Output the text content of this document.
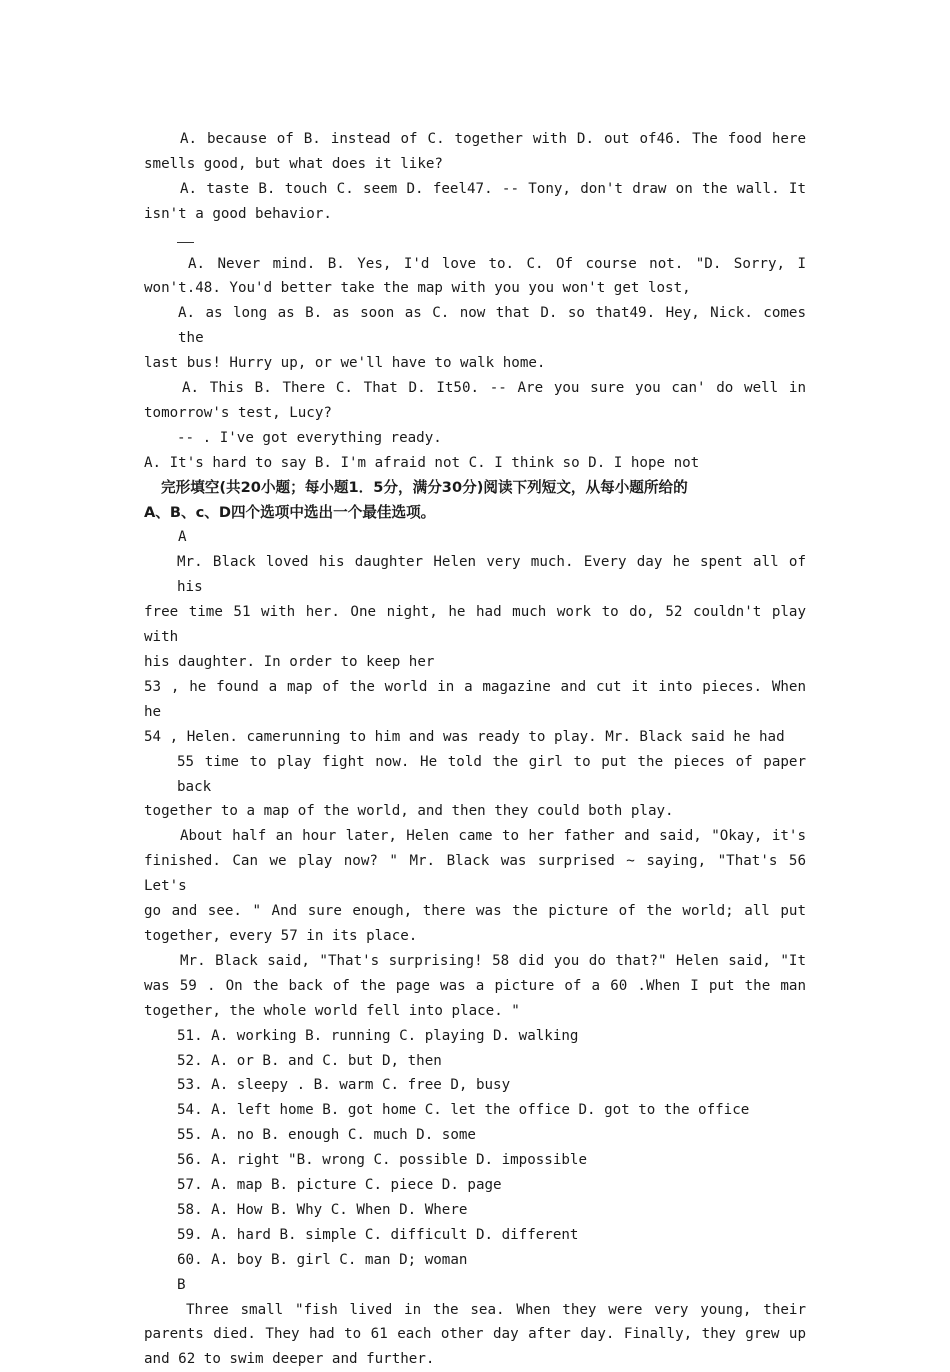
A. because of B. instead of C. together with D. out of46. The food here
smells good, but what does it like?
A. taste B. touch C. seem D. feel47. -- Tony, don't draw on the wall. It
isn't a good behavior.
A. Never mind. B. Yes, I'd love to. C. Of course not. "D. Sorry, I
won't.48. You'd better take the map with you you won't get lost,
A. as long as B. as soon as C. now that D. so that49. Hey, Nick. comes the
last bus! Hurry up, or we'll have to walk home.
A. This B. There C. That D. It50. -- Are you sure you can' do well in
tomorrow's test, Lucy?
-- . I've got everything ready.
A. It's hard to say B. I'm afraid not C. I think so D. I hope not
完形填空(共20小题；每小题1．5分，满分30分)阅读下列短文，从每小题所给的
A、B、c、D四个选项中选出一个最佳选项。
A
Mr. Black loved his daughter Helen very much. Every day he spent all of his
free time 51 with her. One night, he had much work to do, 52 couldn't play with
his daughter. In order to keep her
53 , he found a map of the world in a magazine and cut it into pieces. When he
54 , Helen. camerunning to him and was ready to play. Mr. Black said he had
55 time to play fight now. He told the girl to put the pieces of paper back
together to a map of the world, and then they could both play.
About half an hour later, Helen came to her father and said, "Okay, it's
finished. Can we play now? " Mr. Black was surprised ~ saying, "That's 56 Let's
go and see. " And sure enough, there was the picture of the world; all put
together, every 57 in its place.
Mr. Black said, "That's surprising! 58 did you do that?" Helen said, "It
was 59 . On the back of the page was a picture of a 60 .When I put the man
together, the whole world fell into place. "
51. A. working B. running C. playing D. walking
52. A. or B. and C. but D, then
53. A. sleepy . B. warm C. free D, busy
54. A. left home B. got home C. let the office D. got to the office
55. A. no B. enough C. much D. some
56. A. right "B. wrong C. possible D. impossible
57. A. map B. picture C. piece D. page
58. A. How B. Why C. When D. Where
59. A. hard B. simple C. difficult D. different
60. A. boy B. girl C. man D; woman
B
Three small "fish lived in the sea. When they were very young, their
parents died. They had to 61 each other day after day. Finally, they grew up
and 62 to swim deeper and further.
